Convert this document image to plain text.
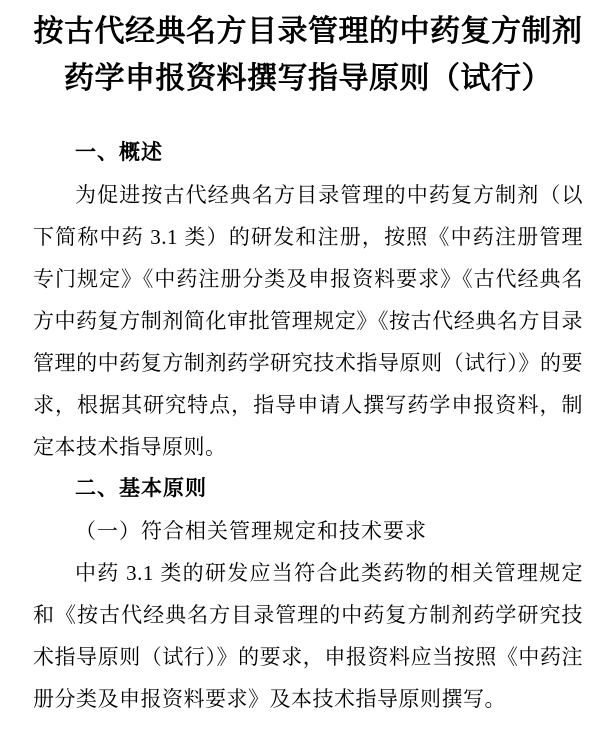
按古代经典名方目录管理的中药复方制剂
药学申报资料撰写指导原则（试行）
一、概述

为促进按古代经典名方目录管理的中药复方制剂（以下简称中药 3.1 类）的研发和注册，按照《中药注册管理专门规定》《中药注册分类及申报资料要求》《古代经典名方中药复方制剂简化审批管理规定》《按古代经典名方目录管理的中药复方制剂药学研究技术指导原则（试行）》的要求，根据其研究特点，指导申请人撰写药学申报资料，制定本技术指导原则。

二、基本原则
（一）符合相关管理规定和技术要求

中药 3.1 类的研发应当符合此类药物的相关管理规定和《按古代经典名方目录管理的中药复方制剂药学研究技术指导原则（试行）》的要求，申报资料应当按照《中药注册分类及申报资料要求》及本技术指导原则撰写。
